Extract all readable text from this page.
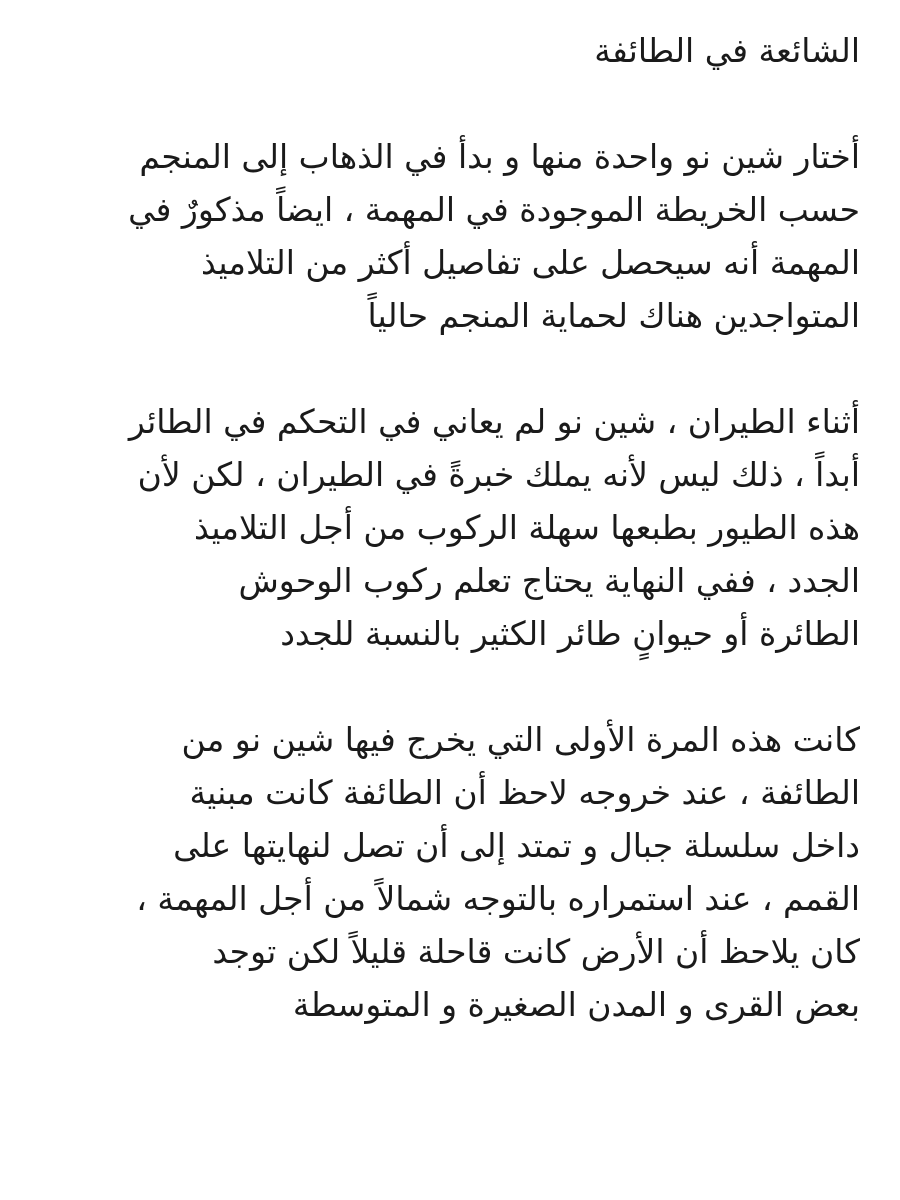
الشائعة في الطائفة
أختار شين نو واحدة منها و بدأ في الذهاب إلى المنجم
حسب الخريطة الموجودة في المهمة ، ايضاً مذكورٌ في
المهمة أنه سيحصل على تفاصيل أكثر من التلاميذ
المتواجدين هناك لحماية المنجم حالياً
أثناء الطيران ، شين نو لم يعاني في التحكم في الطائر
أبداً ، ذلك ليس لأنه يملك خبرةً في الطيران ، لكن لأن
هذه الطيور بطبعها سهلة الركوب من أجل التلاميذ
الجدد ، ففي النهاية يحتاج تعلم ركوب الوحوش
الطائرة أو حيوانٍ طائر الكثير بالنسبة للجدد
كانت هذه المرة الأولى التي يخرج فيها شين نو من
الطائفة ، عند خروجه لاحظ أن الطائفة كانت مبنية
داخل سلسلة جبال و تمتد إلى أن تصل لنهايتها على
القمم ، عند استمراره بالتوجه شمالاً من أجل المهمة ،
كان يلاحظ أن الأرض كانت قاحلة قليلاً لكن توجد
بعض القرى و المدن الصغيرة و المتوسطة
